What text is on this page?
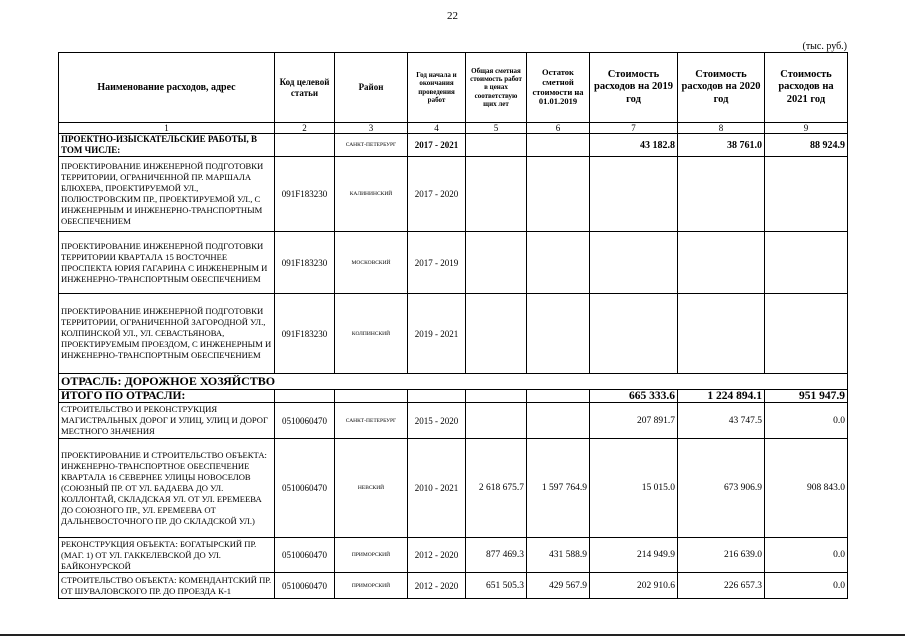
22
(тыс. руб.)
Наименование расходов, адрес	Код целевой статьи	Район	Год начала и окончания проведения работ	Общая сметная стоимость работ в ценах соответствую щих лет	Остаток сметной стоимости на 01.01.2019	Стоимость расходов на 2019 год	Стоимость расходов на 2020 год	Стоимость расходов на 2021 год
1	2	3	4	5	6	7	8	9
ПРОЕКТНО-ИЗЫСКАТЕЛЬСКИЕ РАБОТЫ, В ТОМ ЧИСЛЕ:		САНКТ-ПЕТЕРБУРГ	2017 - 2021			43 182.8	38 761.0	88 924.9
ПРОЕКТИРОВАНИЕ ИНЖЕНЕРНОЙ ПОДГОТОВКИ ТЕРРИТОРИИ, ОГРАНИЧЕННОЙ ПР. МАРШАЛА БЛЮХЕРА, ПРОЕКТИРУЕМОЙ УЛ., ПОЛЮСТРОВСКИМ ПР., ПРОЕКТИРУЕМОЙ УЛ., С ИНЖЕНЕРНЫМ И ИНЖЕНЕРНО-ТРАНСПОРТНЫМ ОБЕСПЕЧЕНИЕМ	091F183230	КАЛИНИНСКИЙ	2017 - 2020					
ПРОЕКТИРОВАНИЕ ИНЖЕНЕРНОЙ ПОДГОТОВКИ ТЕРРИТОРИИ КВАРТАЛА 15 ВОСТОЧНЕЕ ПРОСПЕКТА ЮРИЯ ГАГАРИНА С ИНЖЕНЕРНЫМ И ИНЖЕНЕРНО-ТРАНСПОРТНЫМ ОБЕСПЕЧЕНИЕМ	091F183230	МОСКОВСКИЙ	2017 - 2019					
ПРОЕКТИРОВАНИЕ ИНЖЕНЕРНОЙ ПОДГОТОВКИ ТЕРРИТОРИИ, ОГРАНИЧЕННОЙ ЗАГОРОДНОЙ УЛ., КОЛПИНСКОЙ УЛ., УЛ. СЕВАСТЬЯНОВА, ПРОЕКТИРУЕМЫМ ПРОЕЗДОМ, С ИНЖЕНЕРНЫМ И ИНЖЕНЕРНО-ТРАНСПОРТНЫМ ОБЕСПЕЧЕНИЕМ	091F183230	КОЛПИНСКИЙ	2019 - 2021					
ОТРАСЛЬ: ДОРОЖНОЕ ХОЗЯЙСТВО								
ИТОГО ПО ОТРАСЛИ:						665 333.6	1 224 894.1	951 947.9
СТРОИТЕЛЬСТВО И РЕКОНСТРУКЦИЯ МАГИСТРАЛЬНЫХ ДОРОГ И УЛИЦ, УЛИЦ И ДОРОГ МЕСТНОГО ЗНАЧЕНИЯ	0510060470	САНКТ-ПЕТЕРБУРГ	2015 - 2020			207 891.7	43 747.5	0.0
ПРОЕКТИРОВАНИЕ И СТРОИТЕЛЬСТВО ОБЪЕКТА: ИНЖЕНЕРНО-ТРАНСПОРТНОЕ ОБЕСПЕЧЕНИЕ КВАРТАЛА 16 СЕВЕРНЕЕ УЛИЦЫ НОВОСЕЛОВ (СОЮЗНЫЙ ПР. ОТ УЛ. БАДАЕВА ДО УЛ. КОЛЛОНТАЙ, СКЛАДСКАЯ УЛ. ОТ УЛ. ЕРЕМЕЕВА ДО СОЮЗНОГО ПР., УЛ. ЕРЕМЕЕВА ОТ ДАЛЬНЕВОСТОЧНОГО ПР. ДО СКЛАДСКОЙ УЛ.)	0510060470	НЕВСКИЙ	2010 - 2021	2 618 675.7	1 597 764.9	15 015.0	673 906.9	908 843.0
РЕКОНСТРУКЦИЯ ОБЪЕКТА: БОГАТЫРСКИЙ ПР. (МАГ. 1) ОТ УЛ. ГАККЕЛЕВСКОЙ ДО УЛ. БАЙКОНУРСКОЙ	0510060470	ПРИМОРСКИЙ	2012 - 2020	877 469.3	431 588.9	214 949.9	216 639.0	0.0
СТРОИТЕЛЬСТВО ОБЪЕКТА: КОМЕНДАНТСКИЙ ПР. ОТ ШУВАЛОВСКОГО ПР. ДО ПРОЕЗДА К-1	0510060470	ПРИМОРСКИЙ	2012 - 2020	651 505.3	429 567.9	202 910.6	226 657.3	0.0
